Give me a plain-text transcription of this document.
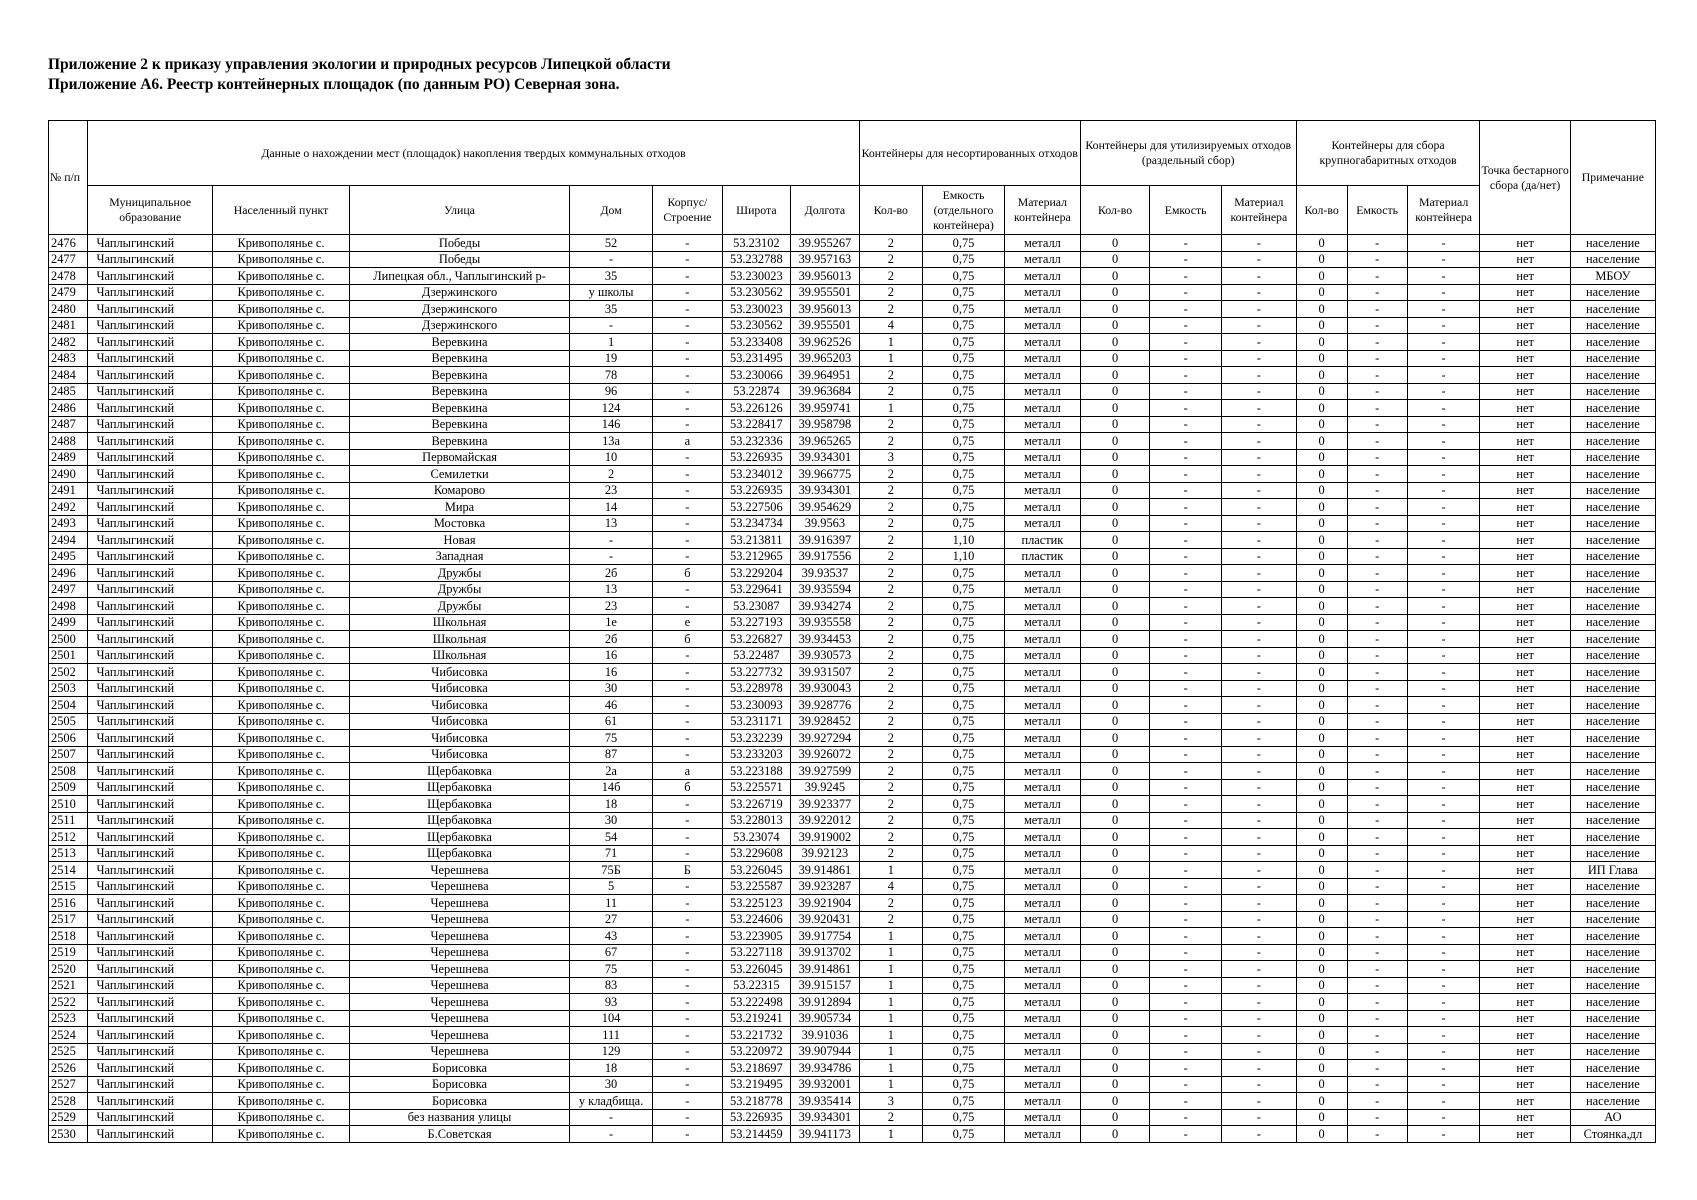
Приложение 2 к приказу управления экологии и природных ресурсов Липецкой области
Приложение А6. Реестр контейнерных площадок (по данным РО) Северная зона.
№ п/п	Данные о нахождении мест (площадок) накопления твердых коммунальных отходов							Контейнеры для несортированных отходов			Контейнеры для утилизируемых отходов (раздельный сбор)			Контейнеры для сбора крупногабаритных отходов			Точка бестарного сбора (да/нет)	Примечание
	Муниципальное образование	Населенный пункт	Улица	Дом	Корпус/ Строение	Широта	Долгота	Кол-во	Емкость (отдельного контейнера)	Материал контейнера	Кол-во	Емкость	Материал контейнера	Кол-во	Емкость	Материал контейнера		
2476	Чаплыгинский	Кривополянье с.	Победы	52	-	53.23102	39.955267	2	0,75	металл	0	-	-	0	-	-	нет	население
2477	Чаплыгинский	Кривополянье с.	Победы	-	-	53.232788	39.957163	2	0,75	металл	0	-	-	0	-	-	нет	население
2478	Чаплыгинский	Кривополянье с.	Липецкая обл., Чаплыгинский р-	35	-	53.230023	39.956013	2	0,75	металл	0	-	-	0	-	-	нет	МБОУ
2479	Чаплыгинский	Кривополянье с.	Дзержинского	у школы	-	53.230562	39.955501	2	0,75	металл	0	-	-	0	-	-	нет	население
2480	Чаплыгинский	Кривополянье с.	Дзержинского	35	-	53.230023	39.956013	2	0,75	металл	0	-	-	0	-	-	нет	население
2481	Чаплыгинский	Кривополянье с.	Дзержинского	-	-	53.230562	39.955501	4	0,75	металл	0	-	-	0	-	-	нет	население
2482	Чаплыгинский	Кривополянье с.	Веревкина	1	-	53.233408	39.962526	1	0,75	металл	0	-	-	0	-	-	нет	население
2483	Чаплыгинский	Кривополянье с.	Веревкина	19	-	53.231495	39.965203	1	0,75	металл	0	-	-	0	-	-	нет	население
2484	Чаплыгинский	Кривополянье с.	Веревкина	78	-	53.230066	39.964951	2	0,75	металл	0	-	-	0	-	-	нет	население
2485	Чаплыгинский	Кривополянье с.	Веревкина	96	-	53.22874	39.963684	2	0,75	металл	0	-	-	0	-	-	нет	население
2486	Чаплыгинский	Кривополянье с.	Веревкина	124	-	53.226126	39.959741	1	0,75	металл	0	-	-	0	-	-	нет	население
2487	Чаплыгинский	Кривополянье с.	Веревкина	146	-	53.228417	39.958798	2	0,75	металл	0	-	-	0	-	-	нет	население
2488	Чаплыгинский	Кривополянье с.	Веревкина	13а	а	53.232336	39.965265	2	0,75	металл	0	-	-	0	-	-	нет	население
2489	Чаплыгинский	Кривополянье с.	Первомайская	10	-	53.226935	39.934301	3	0,75	металл	0	-	-	0	-	-	нет	население
2490	Чаплыгинский	Кривополянье с.	Семилетки	2	-	53.234012	39.966775	2	0,75	металл	0	-	-	0	-	-	нет	население
2491	Чаплыгинский	Кривополянье с.	Комарово	23	-	53.226935	39.934301	2	0,75	металл	0	-	-	0	-	-	нет	население
2492	Чаплыгинский	Кривополянье с.	Мира	14	-	53.227506	39.954629	2	0,75	металл	0	-	-	0	-	-	нет	население
2493	Чаплыгинский	Кривополянье с.	Мостовка	13	-	53.234734	39.9563	2	0,75	металл	0	-	-	0	-	-	нет	население
2494	Чаплыгинский	Кривополянье с.	Новая	-	-	53.213811	39.916397	2	1,10	пластик	0	-	-	0	-	-	нет	население
2495	Чаплыгинский	Кривополянье с.	Западная	-	-	53.212965	39.917556	2	1,10	пластик	0	-	-	0	-	-	нет	население
2496	Чаплыгинский	Кривополянье с.	Дружбы	2б	б	53.229204	39.93537	2	0,75	металл	0	-	-	0	-	-	нет	население
2497	Чаплыгинский	Кривополянье с.	Дружбы	13	-	53.229641	39.935594	2	0,75	металл	0	-	-	0	-	-	нет	население
2498	Чаплыгинский	Кривополянье с.	Дружбы	23	-	53.23087	39.934274	2	0,75	металл	0	-	-	0	-	-	нет	население
2499	Чаплыгинский	Кривополянье с.	Школьная	1е	е	53.227193	39.935558	2	0,75	металл	0	-	-	0	-	-	нет	население
2500	Чаплыгинский	Кривополянье с.	Школьная	2б	б	53.226827	39.934453	2	0,75	металл	0	-	-	0	-	-	нет	население
2501	Чаплыгинский	Кривополянье с.	Школьная	16	-	53.22487	39.930573	2	0,75	металл	0	-	-	0	-	-	нет	население
2502	Чаплыгинский	Кривополянье с.	Чибисовка	16	-	53.227732	39.931507	2	0,75	металл	0	-	-	0	-	-	нет	население
2503	Чаплыгинский	Кривополянье с.	Чибисовка	30	-	53.228978	39.930043	2	0,75	металл	0	-	-	0	-	-	нет	население
2504	Чаплыгинский	Кривополянье с.	Чибисовка	46	-	53.230093	39.928776	2	0,75	металл	0	-	-	0	-	-	нет	население
2505	Чаплыгинский	Кривополянье с.	Чибисовка	61	-	53.231171	39.928452	2	0,75	металл	0	-	-	0	-	-	нет	население
2506	Чаплыгинский	Кривополянье с.	Чибисовка	75	-	53.232239	39.927294	2	0,75	металл	0	-	-	0	-	-	нет	население
2507	Чаплыгинский	Кривополянье с.	Чибисовка	87	-	53.233203	39.926072	2	0,75	металл	0	-	-	0	-	-	нет	население
2508	Чаплыгинский	Кривополянье с.	Щербаковка	2а	а	53.223188	39.927599	2	0,75	металл	0	-	-	0	-	-	нет	население
2509	Чаплыгинский	Кривополянье с.	Щербаковка	14б	б	53.225571	39.9245	2	0,75	металл	0	-	-	0	-	-	нет	население
2510	Чаплыгинский	Кривополянье с.	Щербаковка	18	-	53.226719	39.923377	2	0,75	металл	0	-	-	0	-	-	нет	население
2511	Чаплыгинский	Кривополянье с.	Щербаковка	30	-	53.228013	39.922012	2	0,75	металл	0	-	-	0	-	-	нет	население
2512	Чаплыгинский	Кривополянье с.	Щербаковка	54	-	53.23074	39.919002	2	0,75	металл	0	-	-	0	-	-	нет	население
2513	Чаплыгинский	Кривополянье с.	Щербаковка	71	-	53.229608	39.92123	2	0,75	металл	0	-	-	0	-	-	нет	население
2514	Чаплыгинский	Кривополянье с.	Черешнева	75Б	Б	53.226045	39.914861	1	0,75	металл	0	-	-	0	-	-	нет	ИП Глава
2515	Чаплыгинский	Кривополянье с.	Черешнева	5	-	53.225587	39.923287	4	0,75	металл	0	-	-	0	-	-	нет	население
2516	Чаплыгинский	Кривополянье с.	Черешнева	11	-	53.225123	39.921904	2	0,75	металл	0	-	-	0	-	-	нет	население
2517	Чаплыгинский	Кривополянье с.	Черешнева	27	-	53.224606	39.920431	2	0,75	металл	0	-	-	0	-	-	нет	население
2518	Чаплыгинский	Кривополянье с.	Черешнева	43	-	53.223905	39.917754	1	0,75	металл	0	-	-	0	-	-	нет	население
2519	Чаплыгинский	Кривополянье с.	Черешнева	67	-	53.227118	39.913702	1	0,75	металл	0	-	-	0	-	-	нет	население
2520	Чаплыгинский	Кривополянье с.	Черешнева	75	-	53.226045	39.914861	1	0,75	металл	0	-	-	0	-	-	нет	население
2521	Чаплыгинский	Кривополянье с.	Черешнева	83	-	53.22315	39.915157	1	0,75	металл	0	-	-	0	-	-	нет	население
2522	Чаплыгинский	Кривополянье с.	Черешнева	93	-	53.222498	39.912894	1	0,75	металл	0	-	-	0	-	-	нет	население
2523	Чаплыгинский	Кривополянье с.	Черешнева	104	-	53.219241	39.905734	1	0,75	металл	0	-	-	0	-	-	нет	население
2524	Чаплыгинский	Кривополянье с.	Черешнева	111	-	53.221732	39.91036	1	0,75	металл	0	-	-	0	-	-	нет	население
2525	Чаплыгинский	Кривополянье с.	Черешнева	129	-	53.220972	39.907944	1	0,75	металл	0	-	-	0	-	-	нет	население
2526	Чаплыгинский	Кривополянье с.	Борисовка	18	-	53.218697	39.934786	1	0,75	металл	0	-	-	0	-	-	нет	население
2527	Чаплыгинский	Кривополянье с.	Борисовка	30	-	53.219495	39.932001	1	0,75	металл	0	-	-	0	-	-	нет	население
2528	Чаплыгинский	Кривополянье с.	Борисовка	у кладбища.	-	53.218778	39.935414	3	0,75	металл	0	-	-	0	-	-	нет	население
2529	Чаплыгинский	Кривополянье с.	без названия улицы	-	-	53.226935	39.934301	2	0,75	металл	0	-	-	0	-	-	нет	АО
2530	Чаплыгинский	Кривополянье с.	Б.Советская	-	-	53.214459	39.941173	1	0,75	металл	0	-	-	0	-	-	нет	Стоянка,дл
